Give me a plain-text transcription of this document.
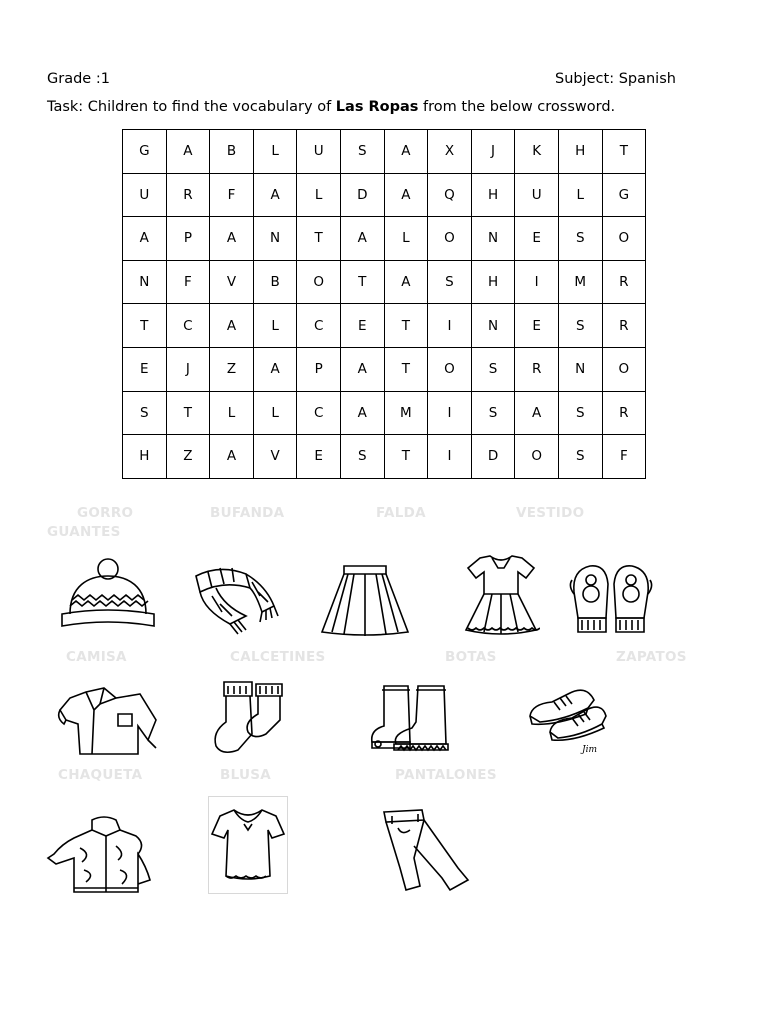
Grade :1	Subject: Spanish
Task: Children to find the vocabulary of Las Ropas from the below crossword.
G	A	B	L	U	S	A	X	J	K	H	T
U	R	F	A	L	D	A	Q	H	U	L	G
A	P	A	N	T	A	L	O	N	E	S	O
N	F	V	B	O	T	A	S	H	I	M	R
T	C	A	L	C	E	T	I	N	E	S	R
E	J	Z	A	P	A	T	O	S	R	N	O
S	T	L	L	C	A	M	I	S	A	S	R
H	Z	A	V	E	S	T	I	D	O	S	F
GORRO
GUANTES
BUFANDA	FALDA	VESTIDO
CAMISA	CALCETINES	BOTAS	ZAPATOS
Jim
CHAQUETA	BLUSA	PANTALONES
